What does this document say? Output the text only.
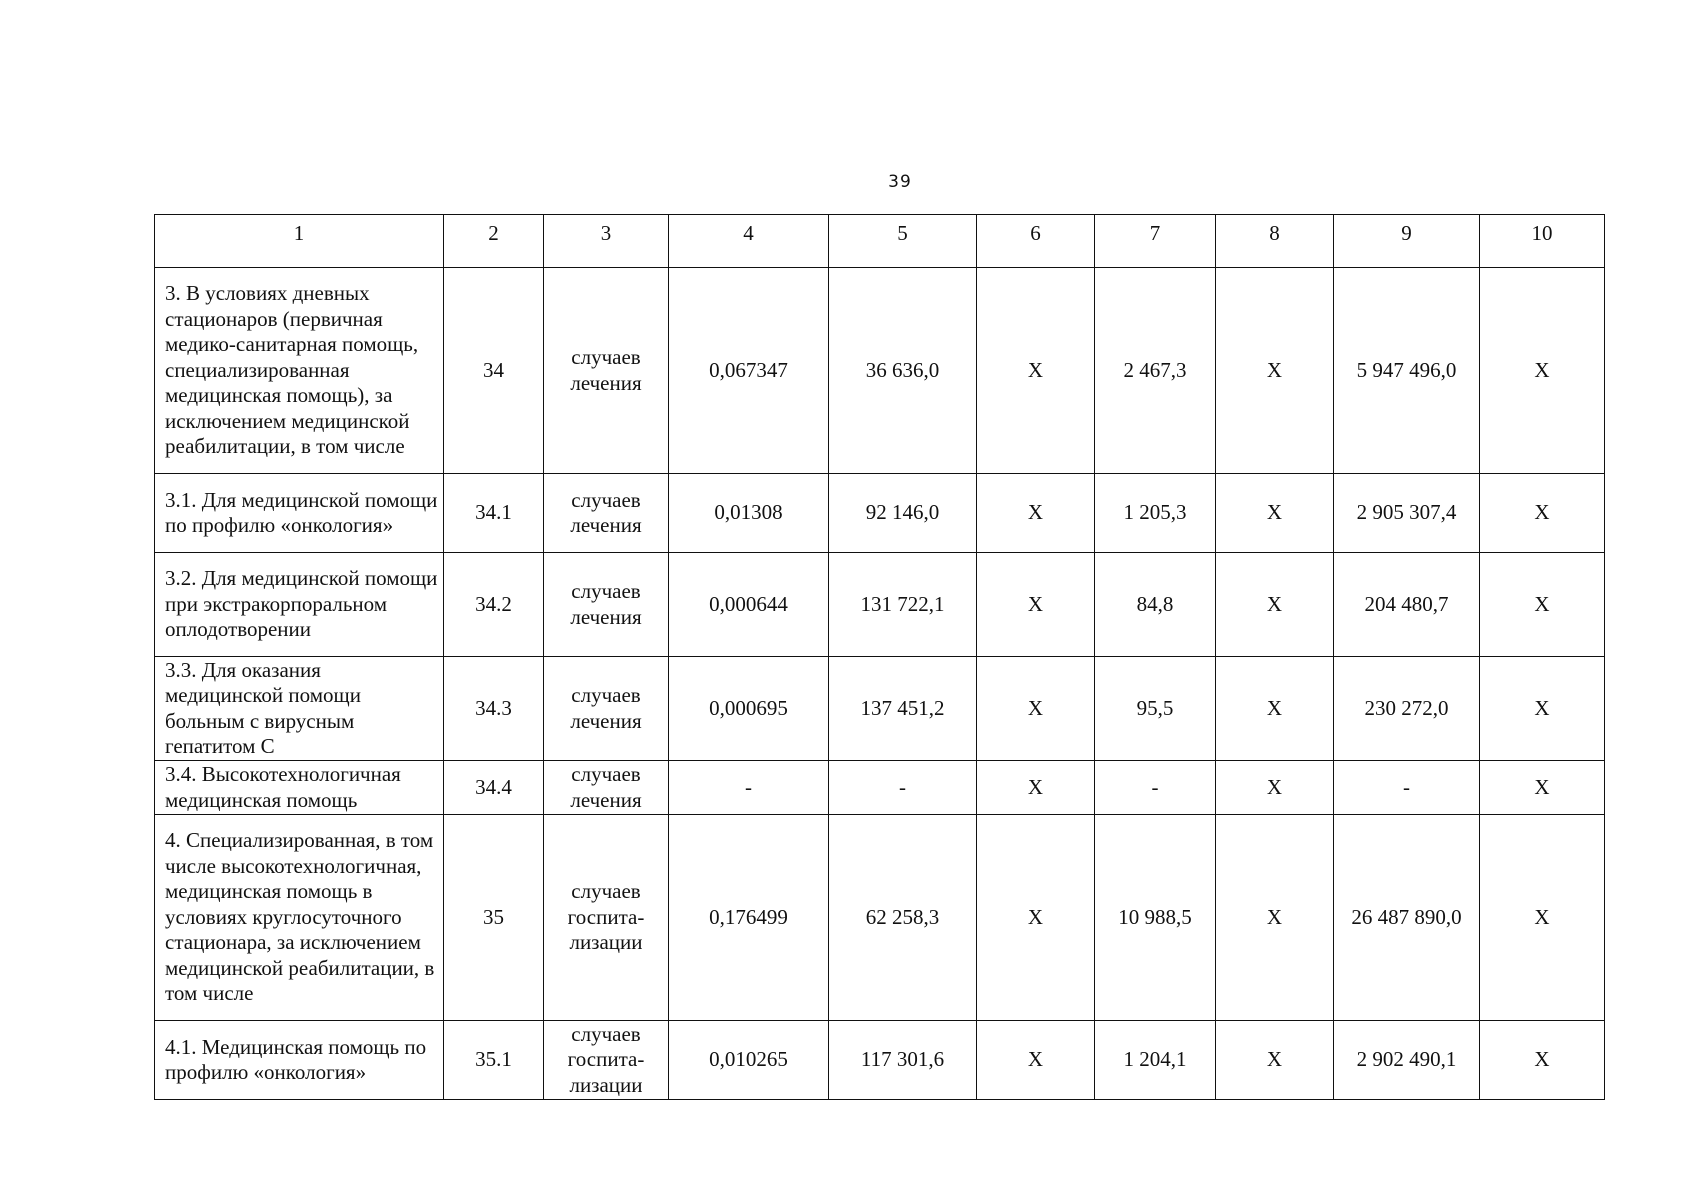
39
1	2	3	4	5	6	7	8	9	10
3. В условиях дневных стационаров (первичная медико-санитарная помощь, специализированная медицинская помощь), за исключением медицинской реабилитации, в том числе	34	случаев лечения	0,067347	36 636,0	Х	2 467,3	Х	5 947 496,0	Х
3.1. Для медицинской помощи по профилю «онкология»	34.1	случаев лечения	0,01308	92 146,0	Х	1 205,3	Х	2 905 307,4	Х
3.2. Для медицинской помощи при экстракорпоральном оплодотворении	34.2	случаев лечения	0,000644	131 722,1	Х	84,8	Х	204 480,7	Х
3.3. Для оказания медицинской помощи больным с вирусным гепатитом С	34.3	случаев лечения	0,000695	137 451,2	Х	95,5	Х	230 272,0	Х
3.4. Высокотехнологичная медицинская помощь	34.4	случаев лечения	-	-	Х	-	Х	-	Х
4. Специализированная, в том числе высокотехнологичная, медицинская помощь в условиях круглосуточного стационара, за исключением медицинской реабилитации, в том числе	35	случаев госпита-лизации	0,176499	62 258,3	Х	10 988,5	Х	26 487 890,0	Х
4.1. Медицинская помощь по профилю «онкология»	35.1	случаев госпита-лизации	0,010265	117 301,6	Х	1 204,1	Х	2 902 490,1	Х
